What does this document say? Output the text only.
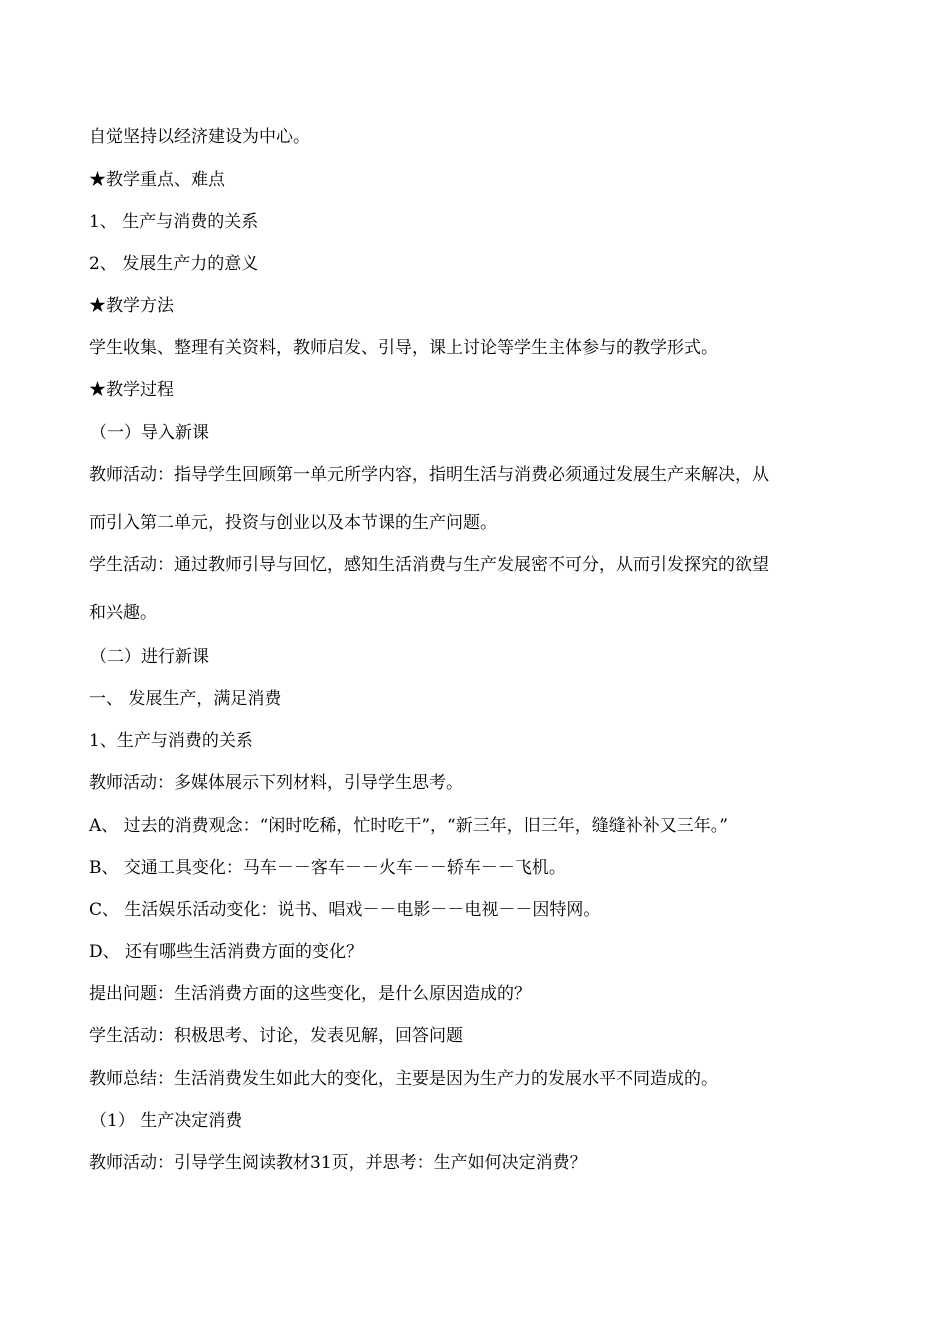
自觉坚持以经济建设为中心。
★教学重点、难点
1、 生产与消费的关系
2、 发展生产力的意义
★教学方法
学生收集、整理有关资料，教师启发、引导，课上讨论等学生主体参与的教学形式。
★教学过程
（一）导入新课
教师活动：指导学生回顾第一单元所学内容，指明生活与消费必须通过发展生产来解决，从
而引入第二单元，投资与创业以及本节课的生产问题。
学生活动：通过教师引导与回忆，感知生活消费与生产发展密不可分，从而引发探究的欲望
和兴趣。
（二）进行新课
一、 发展生产，满足消费
1、生产与消费的关系
教师活动：多媒体展示下列材料，引导学生思考。
A、 过去的消费观念：“闲时吃稀，忙时吃干”，“新三年，旧三年，缝缝补补又三年。”
B、 交通工具变化：马车－－客车－－火车－－轿车－－飞机。
C、 生活娱乐活动变化：说书、唱戏－－电影－－电视－－因特网。
D、 还有哪些生活消费方面的变化？
提出问题：生活消费方面的这些变化，是什么原因造成的？
学生活动：积极思考、讨论，发表见解，回答问题
教师总结：生活消费发生如此大的变化，主要是因为生产力的发展水平不同造成的。
（1） 生产决定消费
教师活动：引导学生阅读教材31页，并思考：生产如何决定消费？
